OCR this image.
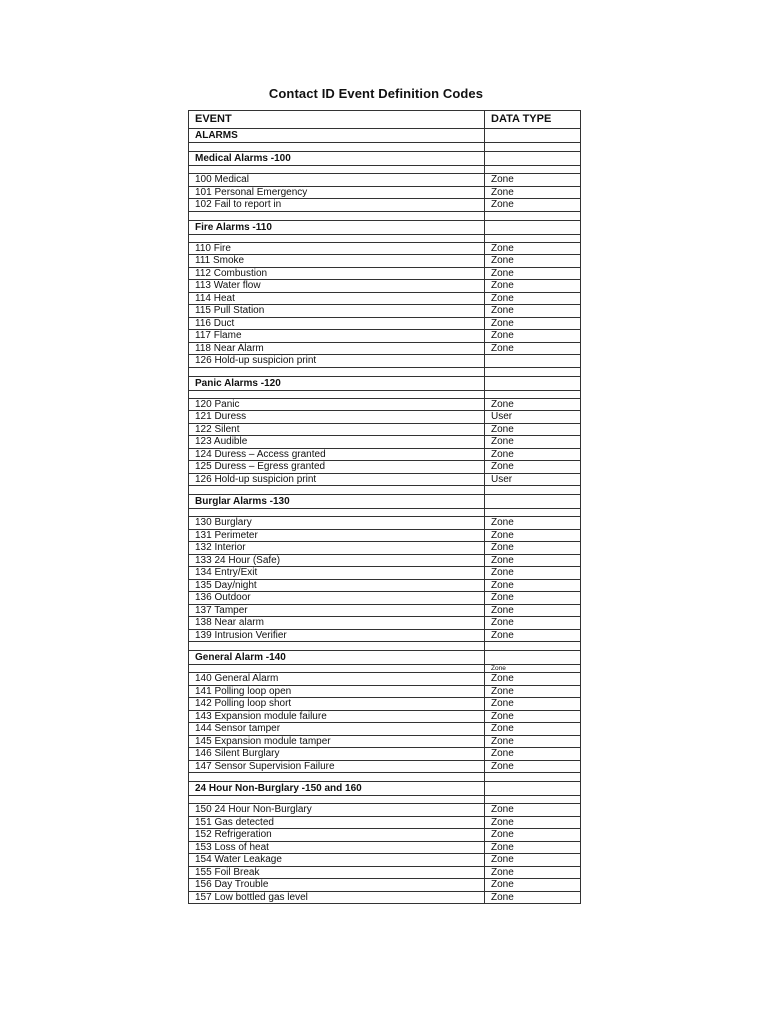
Contact ID Event Definition Codes
EVENT	DATA TYPE
ALARMS	

Medical Alarms -100	

100 Medical	Zone
101 Personal Emergency	Zone
102 Fail to report in	Zone

Fire Alarms -110	

110 Fire	Zone
111 Smoke	Zone
112 Combustion	Zone
113 Water flow	Zone
114 Heat	Zone
115 Pull Station	Zone
116 Duct	Zone
117 Flame	Zone
118 Near Alarm	Zone
126 Hold-up suspicion print	

Panic Alarms -120	

120 Panic	Zone
121 Duress	User
122 Silent	Zone
123 Audible	Zone
124 Duress – Access granted	Zone
125 Duress – Egress granted	Zone
126 Hold-up suspicion print	User

Burglar Alarms -130	

130 Burglary	Zone
131 Perimeter	Zone
132 Interior	Zone
133 24 Hour (Safe)	Zone
134 Entry/Exit	Zone
135 Day/night	Zone
136 Outdoor	Zone
137 Tamper	Zone
138 Near alarm	Zone
139 Intrusion Verifier	Zone

General Alarm -140	
	Zone
140 General Alarm	Zone
141 Polling loop open	Zone
142 Polling loop short	Zone
143 Expansion module failure	Zone
144 Sensor tamper	Zone
145 Expansion module tamper	Zone
146 Silent Burglary	Zone
147 Sensor Supervision Failure	Zone

24 Hour Non-Burglary -150 and 160	

150 24 Hour Non-Burglary	Zone
151 Gas detected	Zone
152 Refrigeration	Zone
153 Loss of heat	Zone
154 Water Leakage	Zone
155 Foil Break	Zone
156 Day Trouble	Zone
157 Low bottled gas level	Zone
